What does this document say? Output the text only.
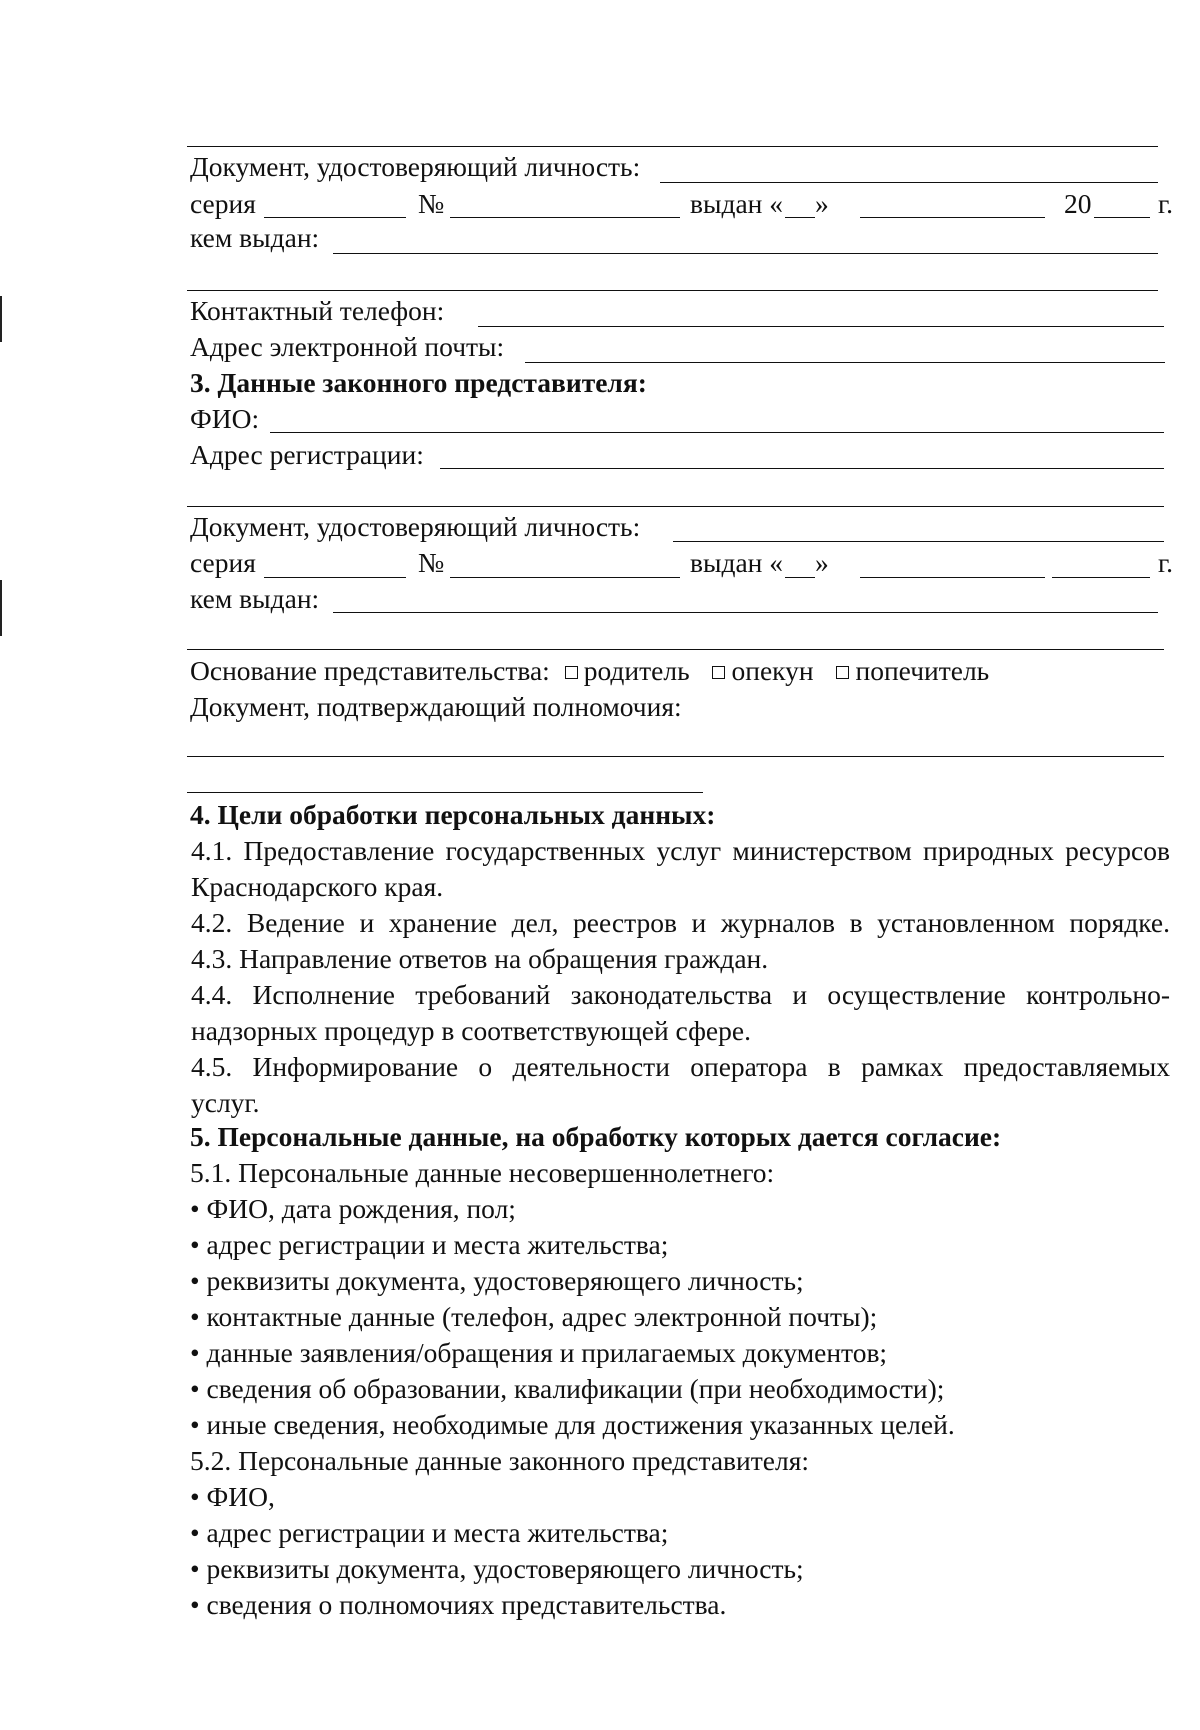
Документ, удостоверяющий личность:
серия	№	выдан « »	20 г.
кем выдан:
Контактный телефон:
Адрес электронной почты:
3. Данные законного представителя:
ФИО:
Адрес регистрации:
Документ, удостоверяющий личность:
серия	№	выдан « »	г.
кем выдан:
Основание представительства: родитель опекун попечитель
Документ, подтверждающий полномочия:
4. Цели обработки персональных данных:
4.1. Предоставление государственных услуг министерством природных ресурсов
Краснодарского края.
4.2. Ведение и хранение дел, реестров и журналов в установленном порядке.
4.3. Направление ответов на обращения граждан.
4.4. Исполнение требований законодательства и осуществление контрольно-
надзорных процедур в соответствующей сфере.
4.5. Информирование о деятельности оператора в рамках предоставляемых
услуг.
5. Персональные данные, на обработку которых дается согласие:
5.1. Персональные данные несовершеннолетнего:
• ФИО, дата рождения, пол;
• адрес регистрации и места жительства;
• реквизиты документа, удостоверяющего личность;
• контактные данные (телефон, адрес электронной почты);
• данные заявления/обращения и прилагаемых документов;
• сведения об образовании, квалификации (при необходимости);
• иные сведения, необходимые для достижения указанных целей.
5.2. Персональные данные законного представителя:
• ФИО,
• адрес регистрации и места жительства;
• реквизиты документа, удостоверяющего личность;
• сведения о полномочиях представительства.
